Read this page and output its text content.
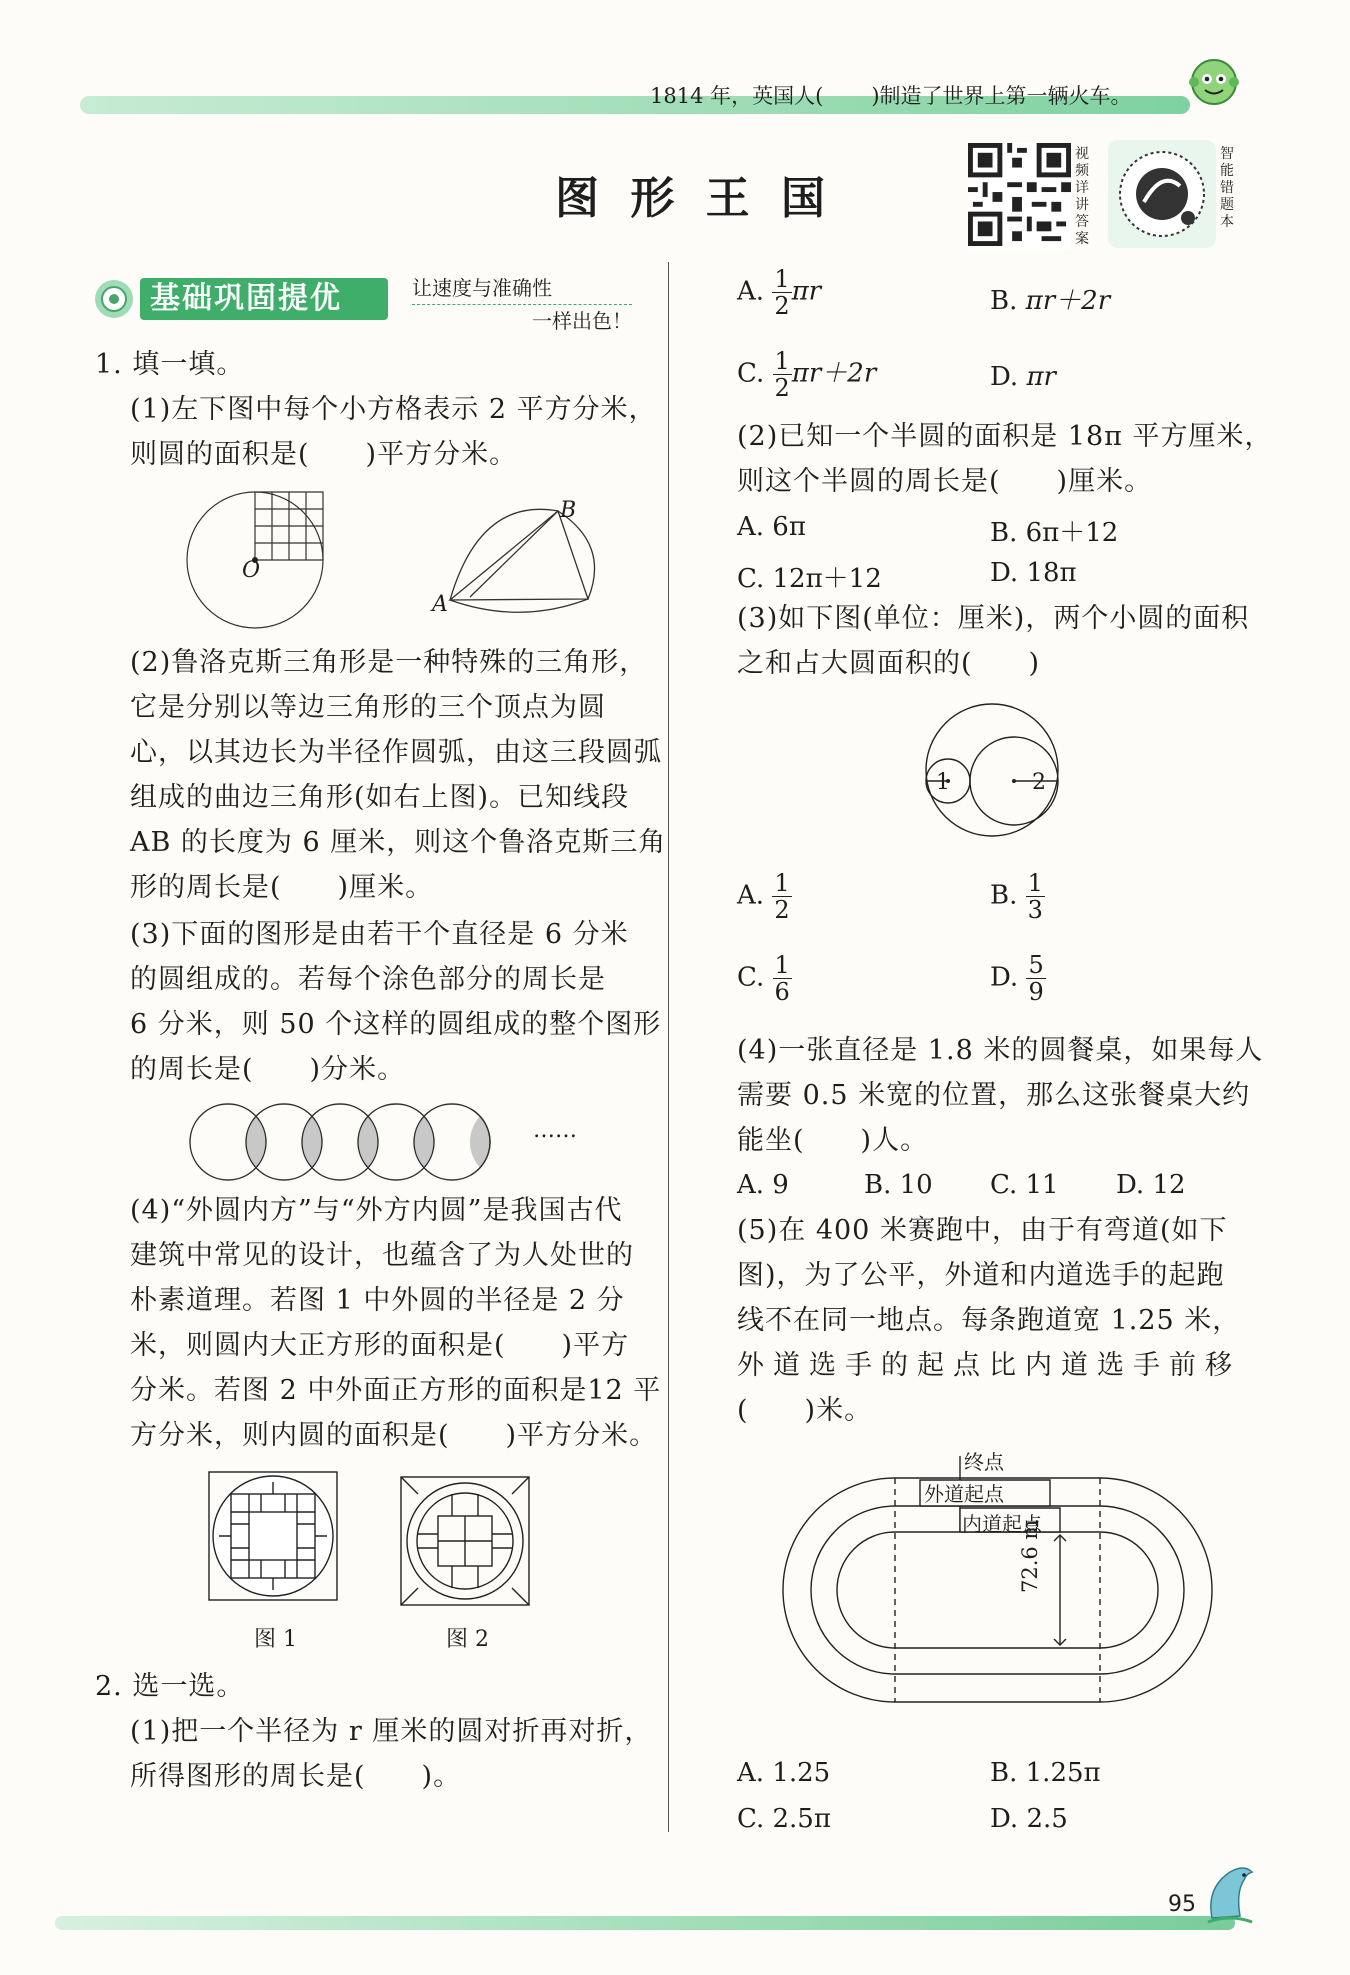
1814 年，英国人( )制造了世界上第一辆火车。
图 形 王 国
视频详讲答案
智能错题本
基础巩固提优	让速度与准确性
一样出色！
1. 填一填。
(1)左下图中每个小方格表示 2 平方分米，
则圆的面积是(　　)平方分米。
O
A
B
(2)鲁洛克斯三角形是一种特殊的三角形，
它是分别以等边三角形的三个顶点为圆
心，以其边长为半径作圆弧，由这三段圆弧
组成的曲边三角形(如右上图)。已知线段
AB 的长度为 6 厘米，则这个鲁洛克斯三角
形的周长是(　　)厘米。
(3)下面的图形是由若干个直径是 6 分米
的圆组成的。若每个涂色部分的周长是
6 分米，则 50 个这样的圆组成的整个图形
的周长是(　　)分米。
……
(4)“外圆内方”与“外方内圆”是我国古代
建筑中常见的设计，也蕴含了为人处世的
朴素道理。若图 1 中外圆的半径是 2 分
米，则圆内大正方形的面积是(　　)平方
分米。若图 2 中外面正方形的面积是12 平
方分米，则内圆的面积是(　　)平方分米。
图 1	图 2
2. 选一选。
(1)把一个半径为 r 厘米的圆对折再对折，
所得图形的周长是(　　)。
A. $\frac{1}{2}$ πr	B. πr＋2r
C. $\frac{1}{2} \pi r+2r$	D. πr
(2)已知一个半圆的面积是 18π 平方厘米，
则这个半圆的周长是(　　)厘米。
A. 6π	B. 6π＋12
C. 12π＋12	D. 18π
(3)如下图(单位：厘米)，两个小圆的面积
之和占大圆面积的(　　)
1	2
A. $\frac{1}{2}$	B. $\frac{1}{3}$
C. $\frac{1}{6}$	D. $\frac{5}{9}$
(4)一张直径是 1.8 米的圆餐桌，如果每人
需要 0.5 米宽的位置，那么这张餐桌大约
能坐(　　)人。
A. 9	B. 10 C. 11 D. 12
(5)在 400 米赛跑中，由于有弯道(如下
图)，为了公平，外道和内道选手的起跑
线不在同一地点。每条跑道宽 1.25 米，
外道选手的起点比内道选手前移
(　　)米。
终点
外道起点
内道起点
72.6 m
A. 1.25	B. 1.25π
C. 2.5π	D. 2.5
95
